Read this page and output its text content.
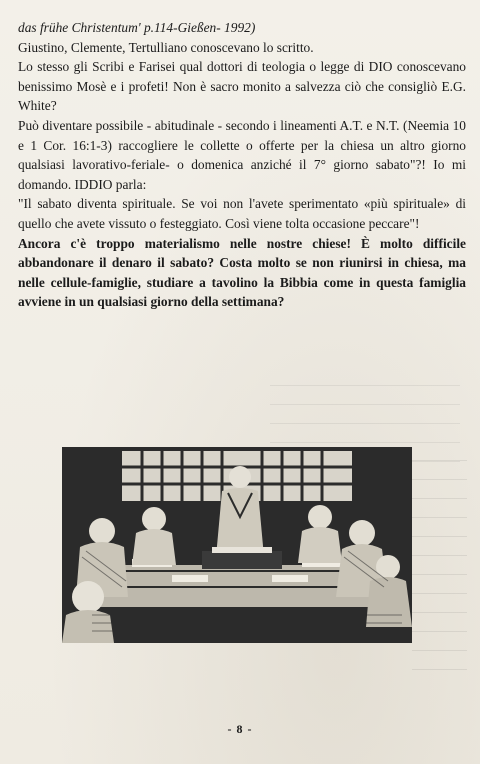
das frühe Christentum' p.114-Gießen- 1992)

Giustino, Clemente, Tertulliano conoscevano lo scritto.

Lo stesso gli Scribi e Farisei qual dottori di teologia o legge di DIO conoscevano benissimo Mosè e i profeti! Non è sacro monito a salvezza ciò che consigliò E.G. White?

Può diventare possibile - abitudinale - secondo i lineamenti A.T. e N.T. (Neemia 10 e 1 Cor. 16:1-3) raccogliere le collette o offerte per la chiesa un altro giorno qualsiasi lavorativo-feriale- o domenica anziché il 7° giorno sabato"?! Io mi domando. IDDIO parla:

"Il sabato diventa spirituale. Se voi non l'avete sperimentato «più spirituale» di quello che avete vissuto o festeggiato. Così viene tolta occasione peccare"!

Ancora c'è troppo materialismo nelle nostre chiese! È molto difficile abbandonare il denaro il sabato? Costa molto se non riunirsi in chiesa, ma nelle cellule-famiglie, studiare a tavolino la Bibbia come in questa famiglia avviene in un qualsiasi giorno della settimana?

- 8 -
